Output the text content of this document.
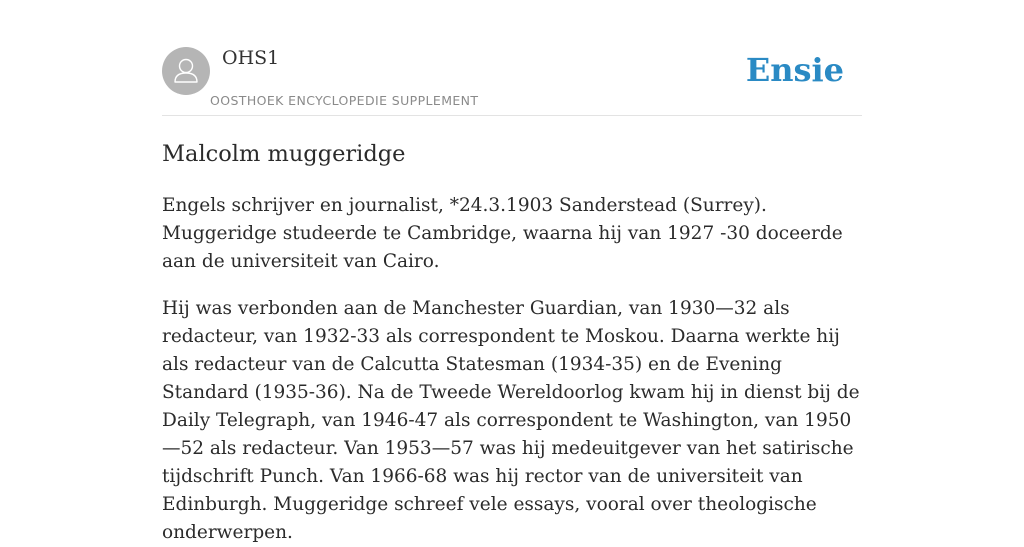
OHS1
OOSTHOEK ENCYCLOPEDIE SUPPLEMENT
Ensie
Malcolm muggeridge

Engels schrijver en journalist, *24.3.1903 Sanderstead (Surrey). Muggeridge studeerde te Cambridge, waarna hij van 1927 -30 doceerde aan de universiteit van Cairo.

Hij was verbonden aan de Manchester Guardian, van 1930—32 als redacteur, van 1932-33 als correspondent te Moskou. Daarna werkte hij als redacteur van de Calcutta Statesman (1934-35) en de Evening Standard (1935-36). Na de Tweede Wereldoorlog kwam hij in dienst bij de Daily Telegraph, van 1946-47 als correspondent te Washington, van 1950—52 als redacteur. Van 1953—57 was hij medeuitgever van het satirische tijdschrift Punch. Van 1966-68 was hij rector van de universiteit van Edinburgh. Muggeridge schreef vele essays, vooral over theologische onderwerpen.
